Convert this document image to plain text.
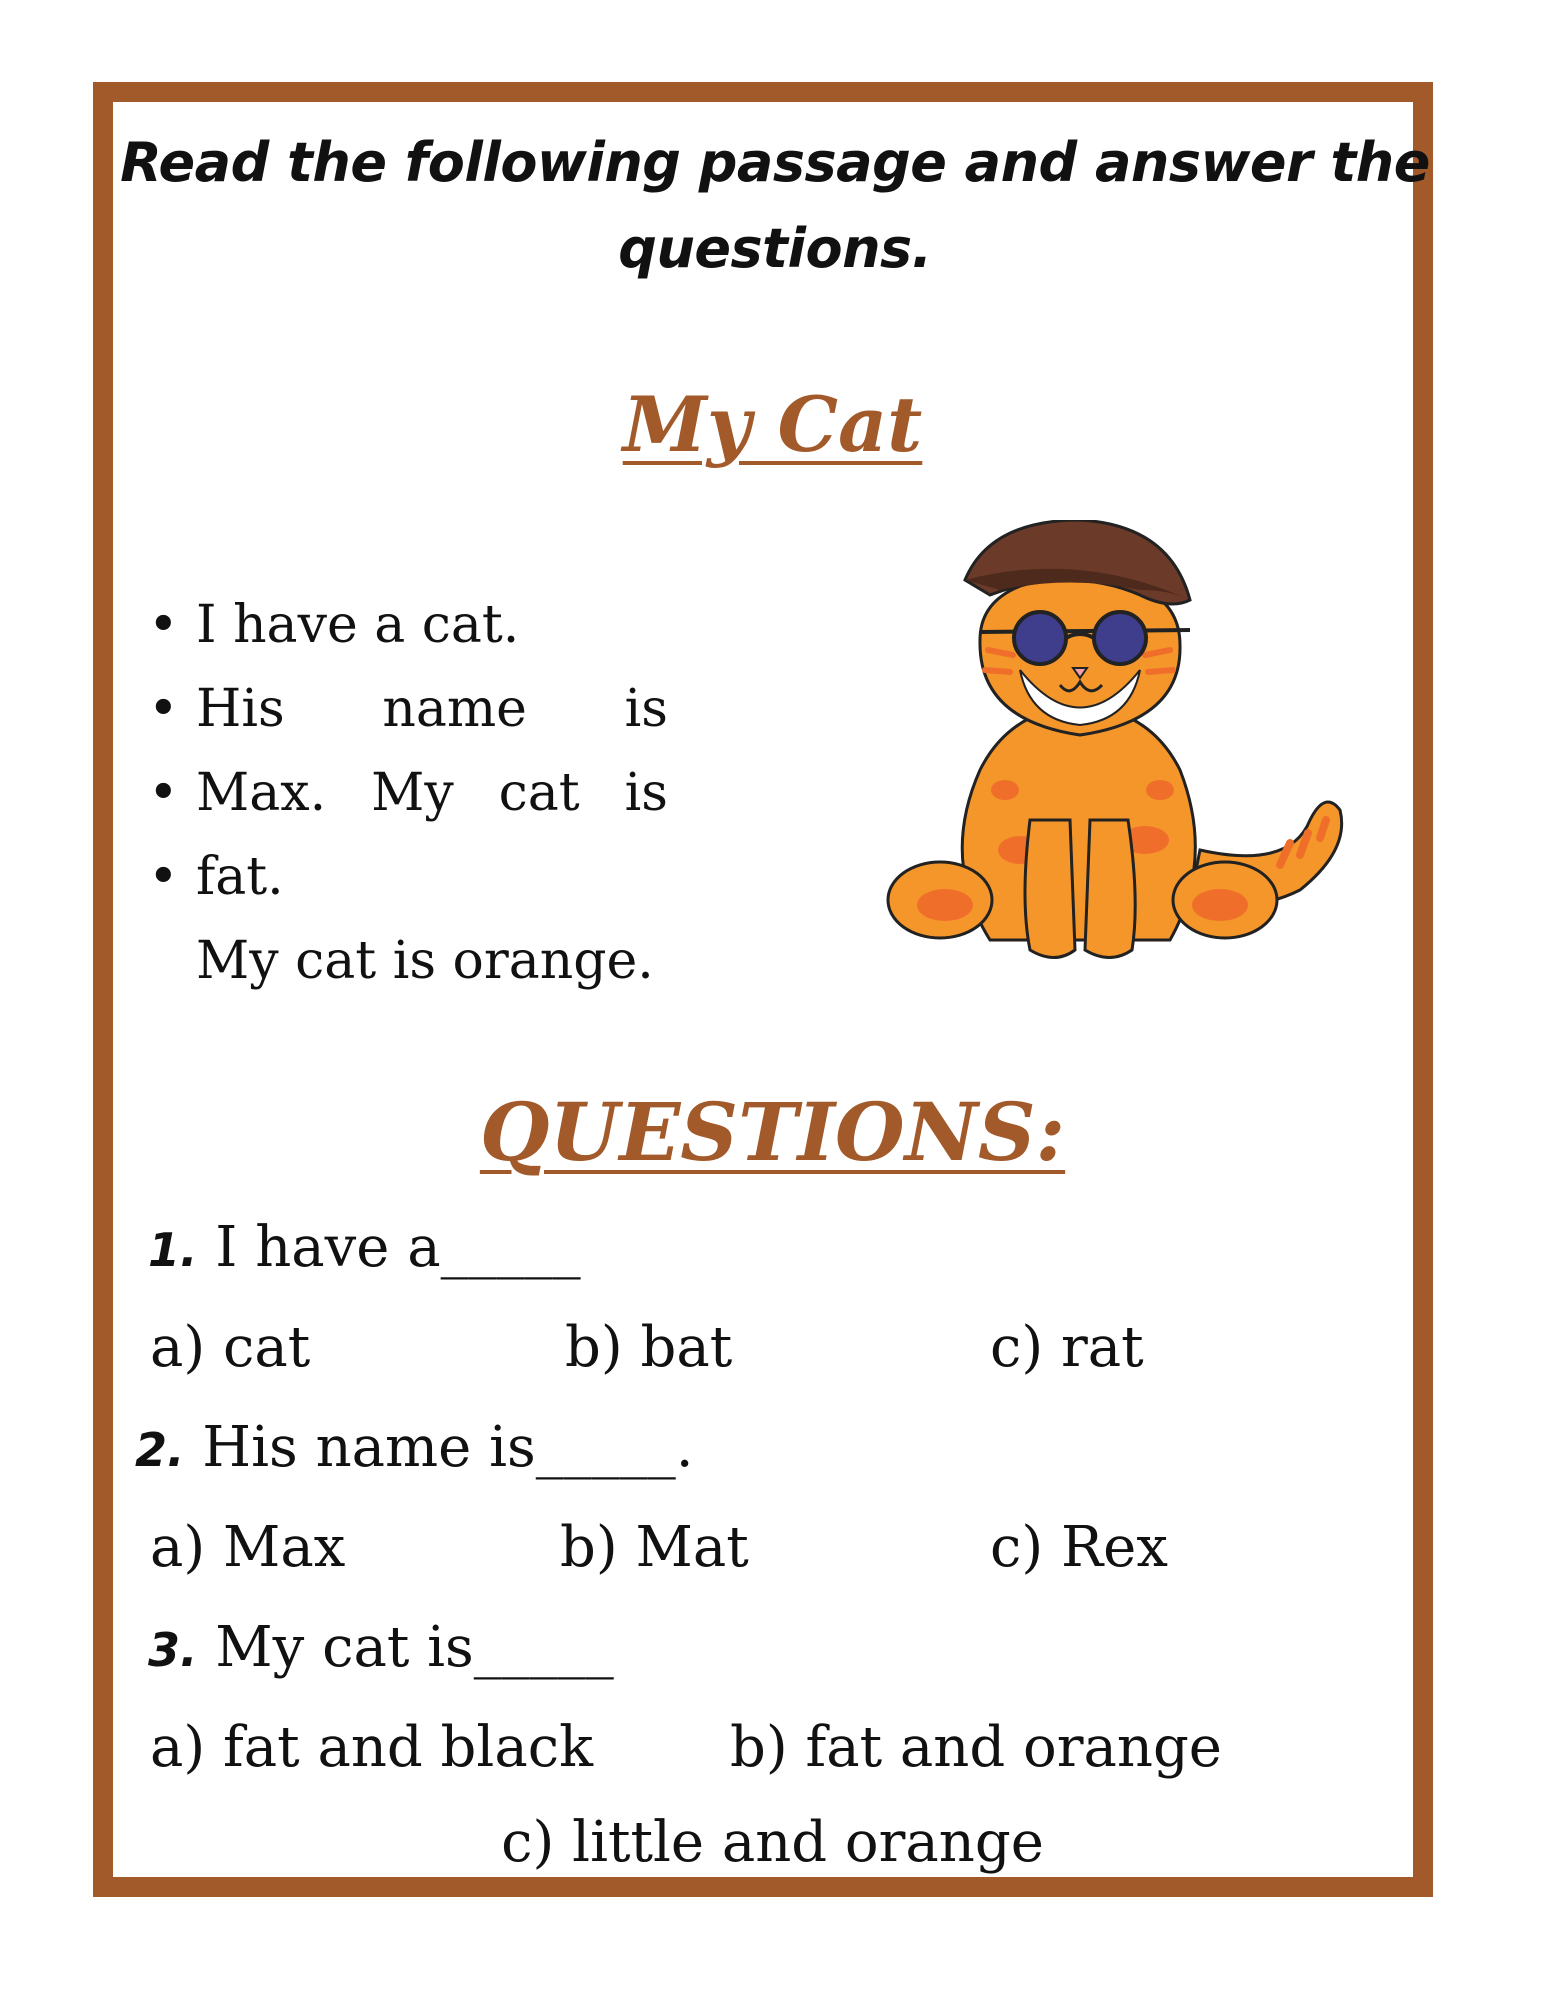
Read the following passage and answer the questions.
My Cat
• I have a cat.
• His name is
• Max. My cat is
• fat.
My cat is orange.
QUESTIONS:
1. I have a_____
a) cat	b) bat	c) rat
2. His name is_____.
a) Max	b) Mat	c) Rex
3. My cat is_____
a) fat and black b) fat and orange
c) little and orange
